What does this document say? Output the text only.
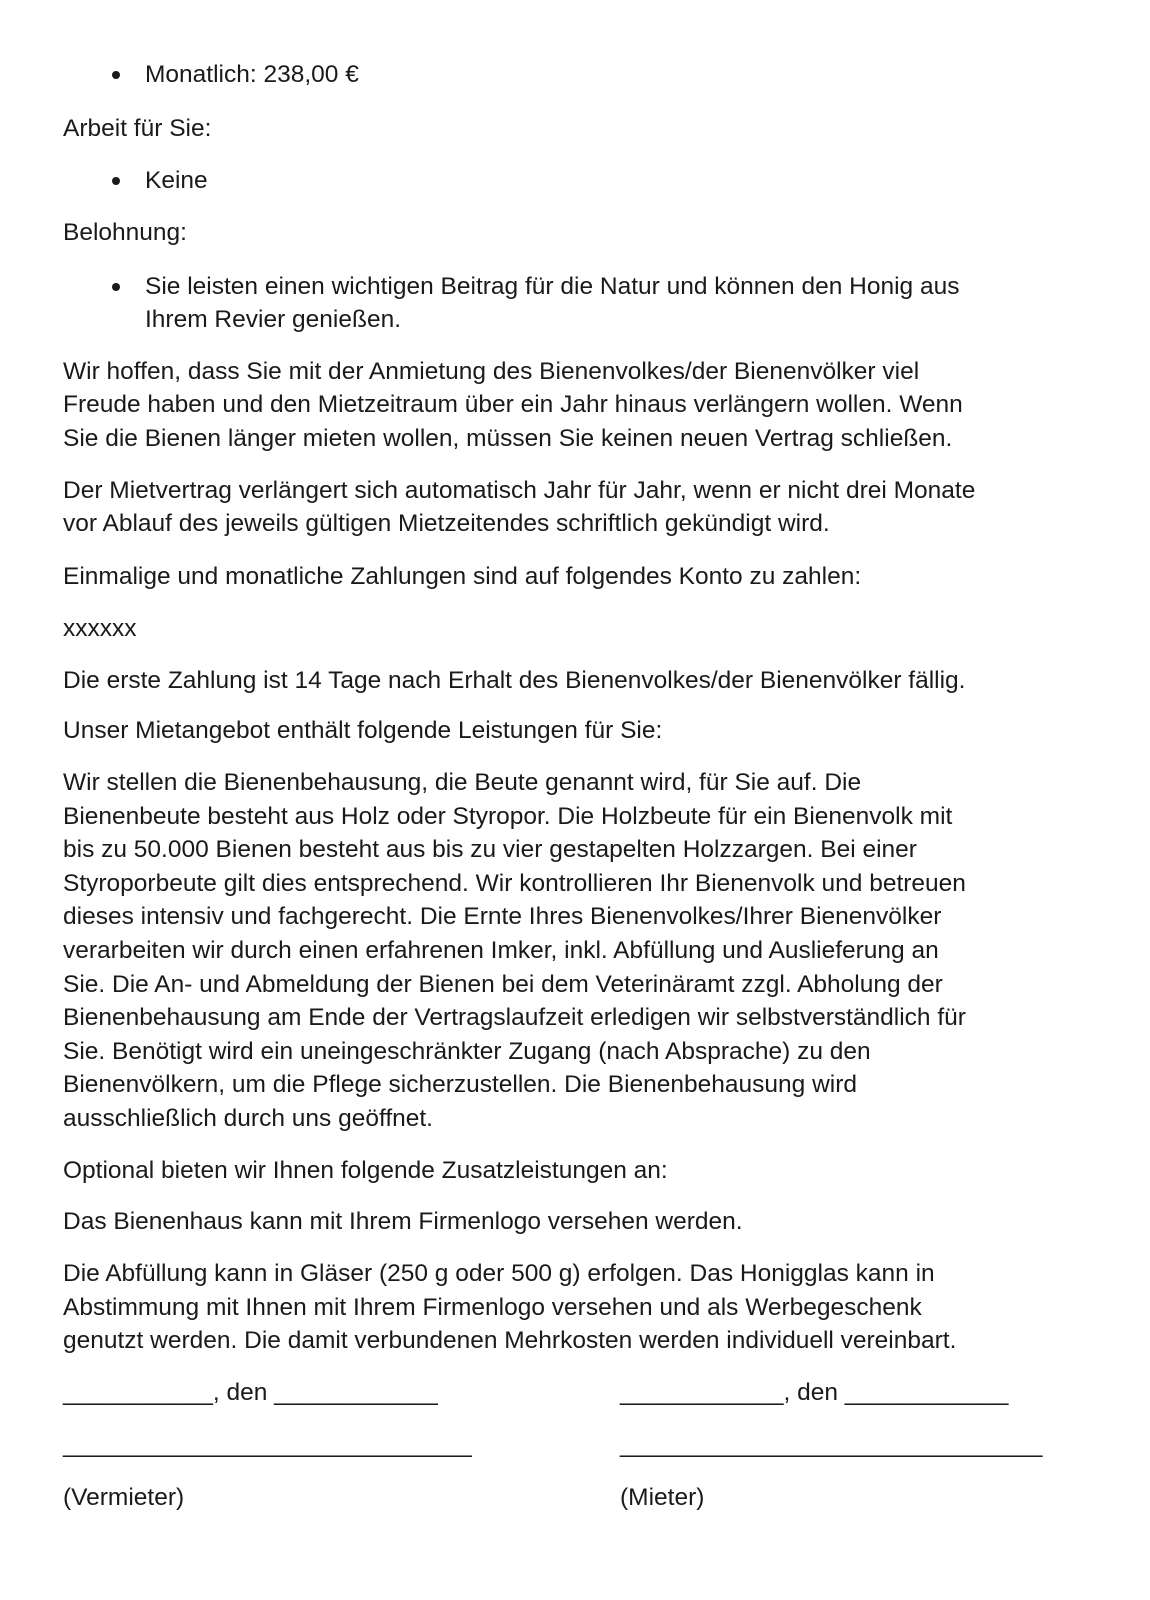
Monatlich: 238,00 €
Arbeit für Sie:
Keine
Belohnung:
Sie leisten einen wichtigen Beitrag für die Natur und können den Honig aus
Ihrem Revier genießen.
Wir hoffen, dass Sie mit der Anmietung des Bienenvolkes/der Bienenvölker viel
Freude haben und den Mietzeitraum über ein Jahr hinaus verlängern wollen. Wenn
Sie die Bienen länger mieten wollen, müssen Sie keinen neuen Vertrag schließen.
Der Mietvertrag verlängert sich automatisch Jahr für Jahr, wenn er nicht drei Monate
vor Ablauf des jeweils gültigen Mietzeitendes schriftlich gekündigt wird.
Einmalige und monatliche Zahlungen sind auf folgendes Konto zu zahlen:
xxxxxx
Die erste Zahlung ist 14 Tage nach Erhalt des Bienenvolkes/der Bienenvölker fällig.
Unser Mietangebot enthält folgende Leistungen für Sie:
Wir stellen die Bienenbehausung, die Beute genannt wird, für Sie auf. Die
Bienenbeute besteht aus Holz oder Styropor. Die Holzbeute für ein Bienenvolk mit
bis zu 50.000 Bienen besteht aus bis zu vier gestapelten Holzzargen. Bei einer
Styroporbeute gilt dies entsprechend. Wir kontrollieren Ihr Bienenvolk und betreuen
dieses intensiv und fachgerecht. Die Ernte Ihres Bienenvolkes/Ihrer Bienenvölker
verarbeiten wir durch einen erfahrenen Imker, inkl. Abfüllung und Auslieferung an
Sie. Die An- und Abmeldung der Bienen bei dem Veterinäramt zzgl. Abholung der
Bienenbehausung am Ende der Vertragslaufzeit erledigen wir selbstverständlich für
Sie. Benötigt wird ein uneingeschränkter Zugang (nach Absprache) zu den
Bienenvölkern, um die Pflege sicherzustellen. Die Bienenbehausung wird
ausschließlich durch uns geöffnet.
Optional bieten wir Ihnen folgende Zusatzleistungen an:
Das Bienenhaus kann mit Ihrem Firmenlogo versehen werden.
Die Abfüllung kann in Gläser (250 g oder 500 g) erfolgen. Das Honigglas kann in
Abstimmung mit Ihnen mit Ihrem Firmenlogo versehen und als Werbegeschenk
genutzt werden. Die damit verbundenen Mehrkosten werden individuell vereinbart.
___________, den ____________	____________, den ____________
______________________________	_______________________________
(Vermieter)	(Mieter)
